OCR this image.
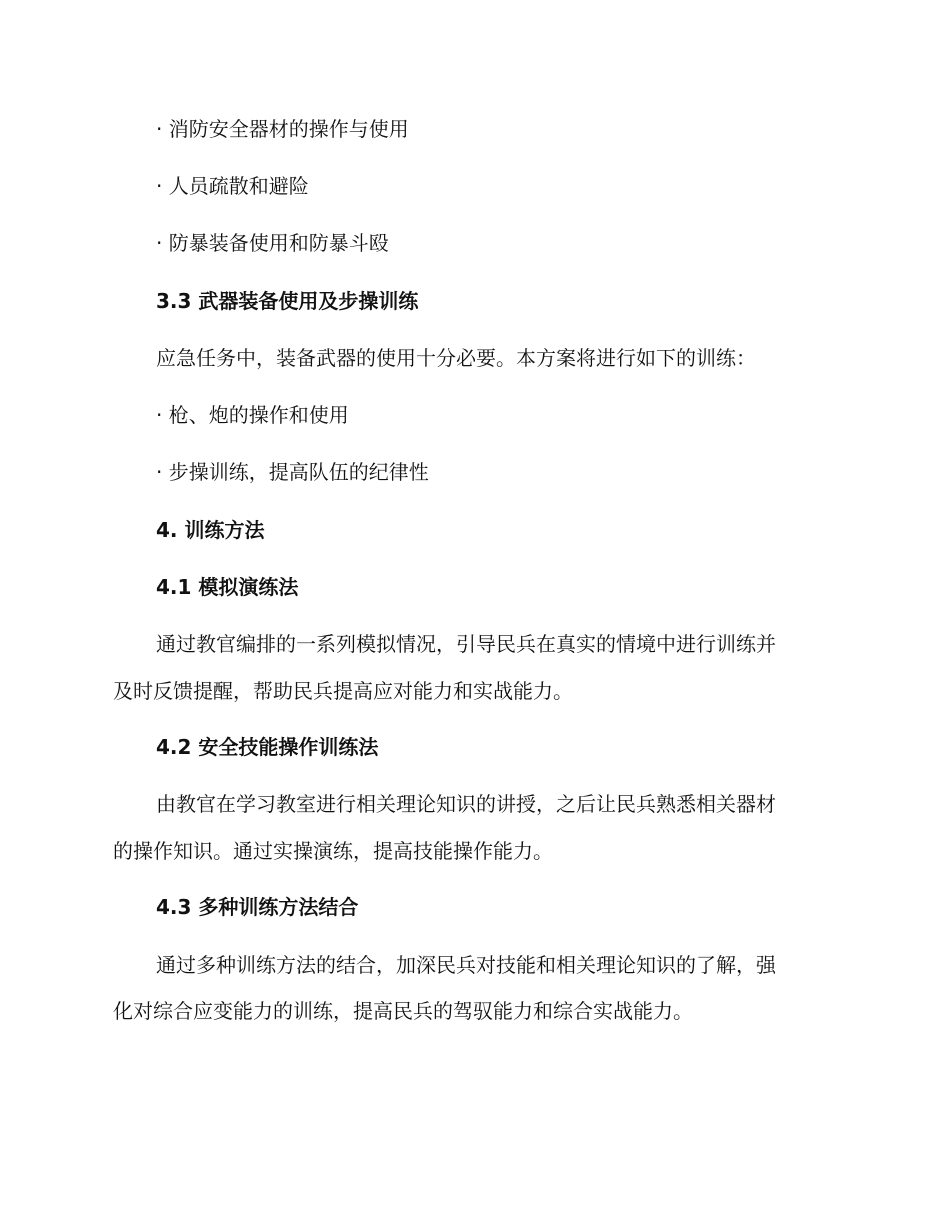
· 消防安全器材的操作与使用
· 人员疏散和避险
· 防暴装备使用和防暴斗殴
3.3 武器装备使用及步操训练
应急任务中，装备武器的使用十分必要。本方案将进行如下的训练：
· 枪、炮的操作和使用
· 步操训练，提高队伍的纪律性
4. 训练方法
4.1 模拟演练法
通过教官编排的一系列模拟情况，引导民兵在真实的情境中进行训练并
及时反馈提醒，帮助民兵提高应对能力和实战能力。
4.2 安全技能操作训练法
由教官在学习教室进行相关理论知识的讲授，之后让民兵熟悉相关器材
的操作知识。通过实操演练，提高技能操作能力。
4.3 多种训练方法结合
通过多种训练方法的结合，加深民兵对技能和相关理论知识的了解，强
化对综合应变能力的训练，提高民兵的驾驭能力和综合实战能力。
